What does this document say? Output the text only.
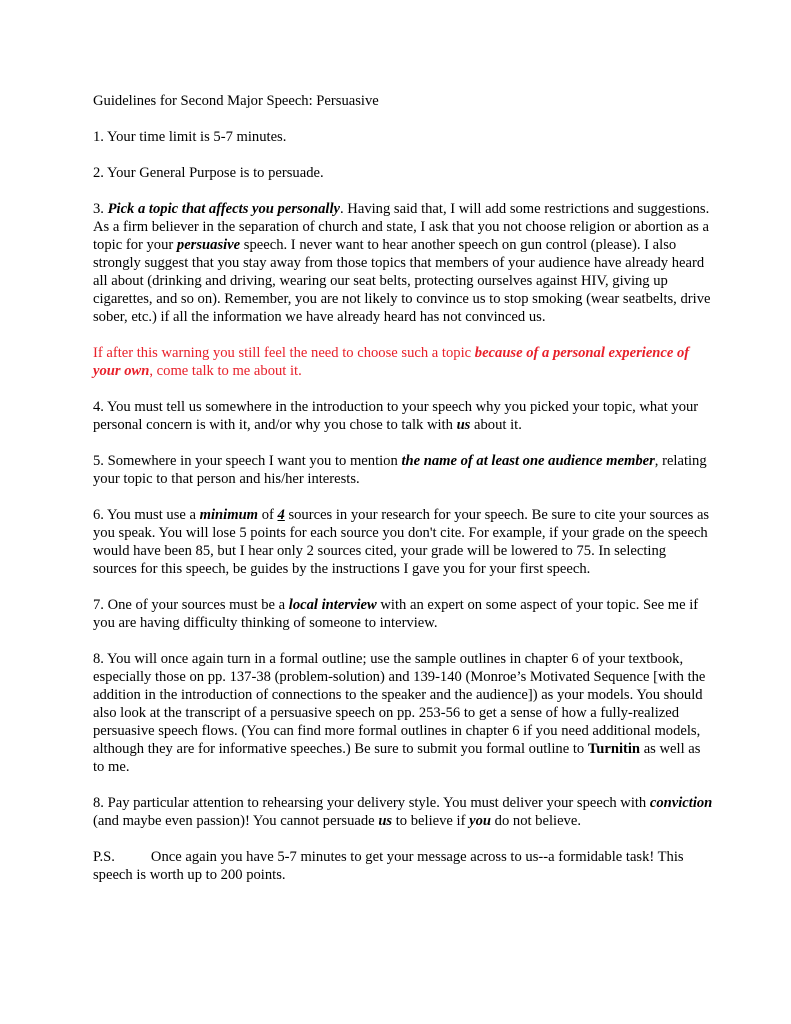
Guidelines for Second Major Speech: Persuasive

1. Your time limit is 5-7 minutes.

2. Your General Purpose is to persuade.

3. Pick a topic that affects you personally. Having said that, I will add some restrictions and suggestions. As a firm believer in the separation of church and state, I ask that you not choose religion or abortion as a topic for your persuasive speech. I never want to hear another speech on gun control (please). I also strongly suggest that you stay away from those topics that members of your audience have already heard all about (drinking and driving, wearing our seat belts, protecting ourselves against HIV, giving up cigarettes, and so on). Remember, you are not likely to convince us to stop smoking (wear seatbelts, drive sober, etc.) if all the information we have already heard has not convinced us.

If after this warning you still feel the need to choose such a topic because of a personal experience of your own, come talk to me about it.

4. You must tell us somewhere in the introduction to your speech why you picked your topic, what your personal concern is with it, and/or why you chose to talk with us about it.

5. Somewhere in your speech I want you to mention the name of at least one audience member, relating your topic to that person and his/her interests.

6. You must use a minimum of 4 sources in your research for your speech. Be sure to cite your sources as you speak. You will lose 5 points for each source you don't cite. For example, if your grade on the speech would have been 85, but I hear only 2 sources cited, your grade will be lowered to 75. In selecting sources for this speech, be guides by the instructions I gave you for your first speech.

7. One of your sources must be a local interview with an expert on some aspect of your topic. See me if you are having difficulty thinking of someone to interview.

8. You will once again turn in a formal outline; use the sample outlines in chapter 6 of your textbook, especially those on pp. 137-38 (problem-solution) and 139-140 (Monroe’s Motivated Sequence [with the addition in the introduction of connections to the speaker and the audience]) as your models. You should also look at the transcript of a persuasive speech on pp. 253-56 to get a sense of how a fully-realized persuasive speech flows. (You can find more formal outlines in chapter 6 if you need additional models, although they are for informative speeches.) Be sure to submit you formal outline to Turnitin as well as to me.

8. Pay particular attention to rehearsing your delivery style. You must deliver your speech with conviction (and maybe even passion)! You cannot persuade us to believe if you do not believe.

P.S. Once again you have 5-7 minutes to get your message across to us--a formidable task! This speech is worth up to 200 points.
